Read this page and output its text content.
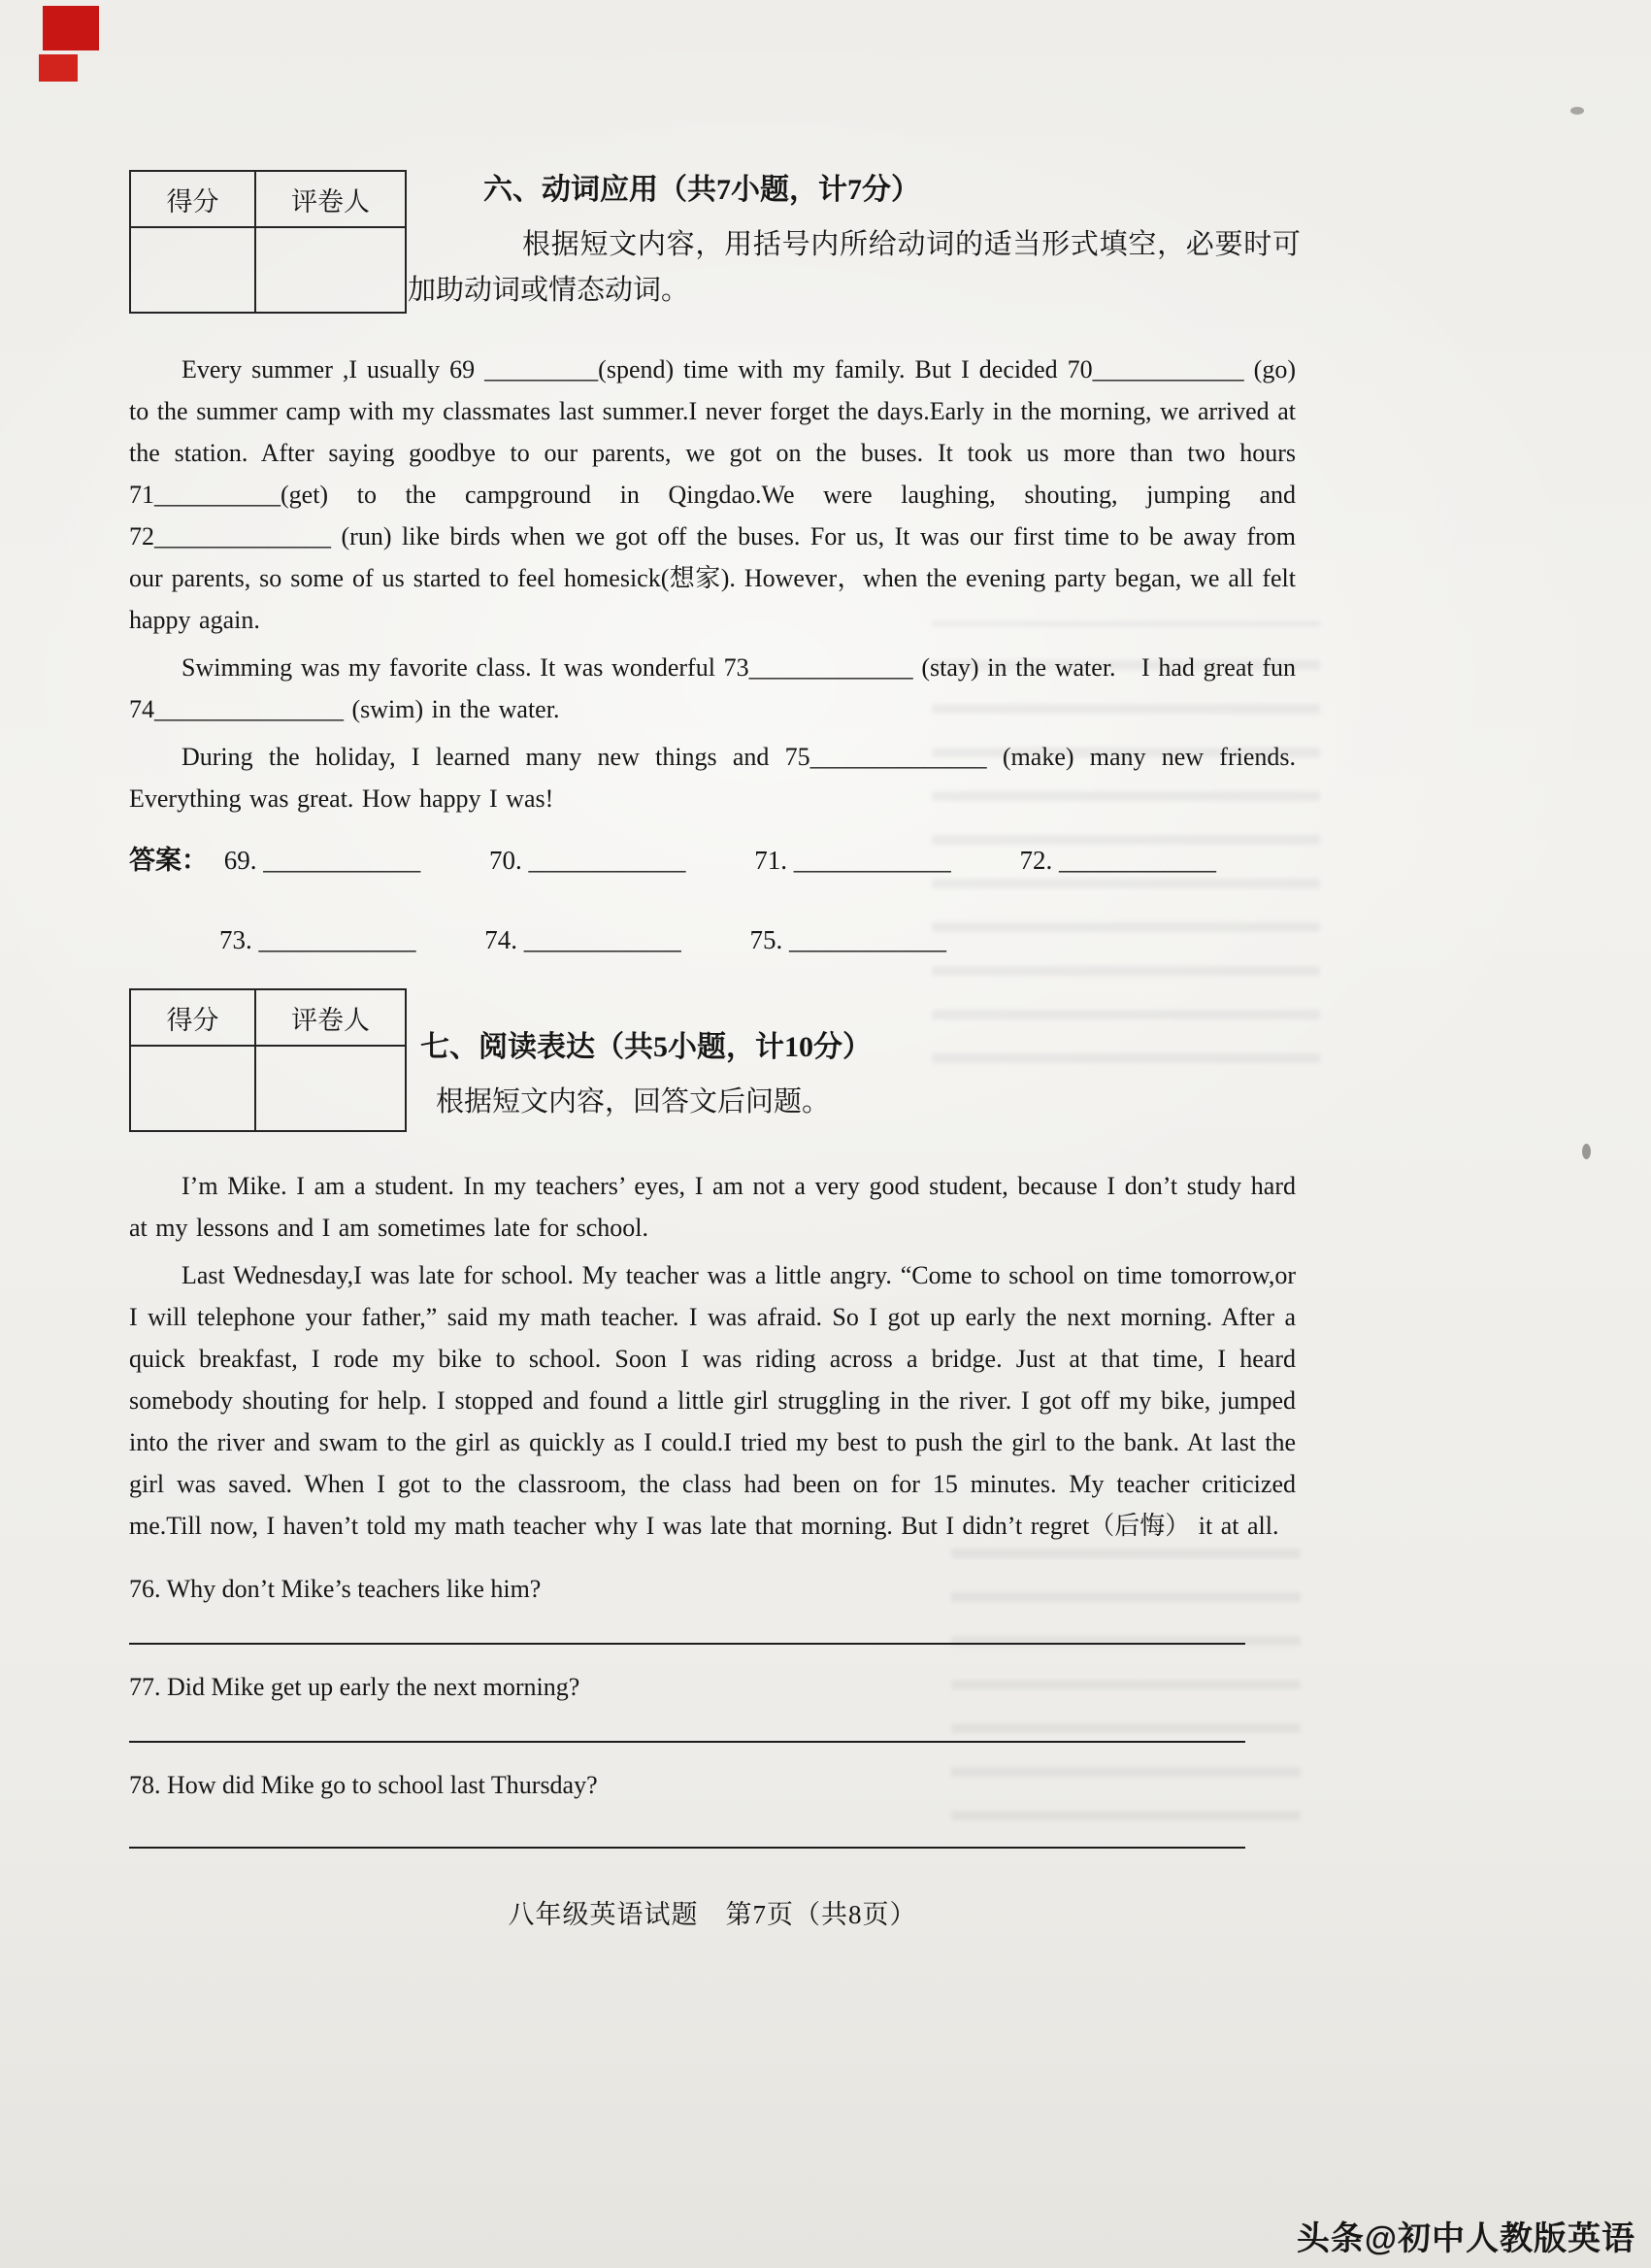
得分	评卷人
		六、动词应用（共7小题，计7分）
根据短文内容，用括号内所给动词的适当形式填空，必要时可加助动词或情态动词。

Every summer ,I usually 69 _________(spend) time with my family. But I decided 70____________ (go) to the summer camp with my classmates last summer.I never forget the days.Early in the morning, we arrived at the station. After saying goodbye to our parents, we got on the buses. It took us more than two hours 71__________(get) to the campground in Qingdao.We were laughing, shouting, jumping and 72______________ (run) like birds when we got off the buses. For us, It was our first time to be away from our parents, so some of us started to feel homesick(想家). However，when the evening party began, we all felt happy again.

Swimming was my favorite class. It was wonderful 73_____________ (stay) in the water.　I had great fun　74_______________ (swim) in the water.

During the holiday, I learned many new things and 75______________ (make) many new friends. Everything was great. How happy I was!

答案： 69. ____________	70. ____________	71. ____________	72. ____________
73. ____________	74. ____________	75. ____________
得分	评卷人

七、阅读表达（共5小题，计10分）
根据短文内容，回答文后问题。

I’m Mike. I am a student. In my teachers’ eyes, I am not a very good student, because I don’t study hard at my lessons and I am sometimes late for school.

Last Wednesday,I was late for school. My teacher was a little angry. “Come to school on time tomorrow,or I will telephone your father,” said my math teacher. I was afraid. So I got up early the next morning. After a quick breakfast, I rode my bike to school. Soon I was riding across a bridge. Just at that time, I heard somebody shouting for help. I stopped and found a little girl struggling in the river. I got off my bike, jumped into the river and swam to the girl as quickly as I could.I tried my best to push the girl to the bank. At last the girl was saved. When I got to the classroom, the class had been on for 15 minutes. My teacher criticized me.Till now, I haven’t told my math teacher why I was late that morning. But I didn’t regret（后悔） it at all.

76. Why don’t Mike’s teachers like him?

77. Did Mike get up early the next morning?

78. How did Mike go to school last Thursday?

八年级英语试题　第7页（共8页）
头条@初中人教版英语
